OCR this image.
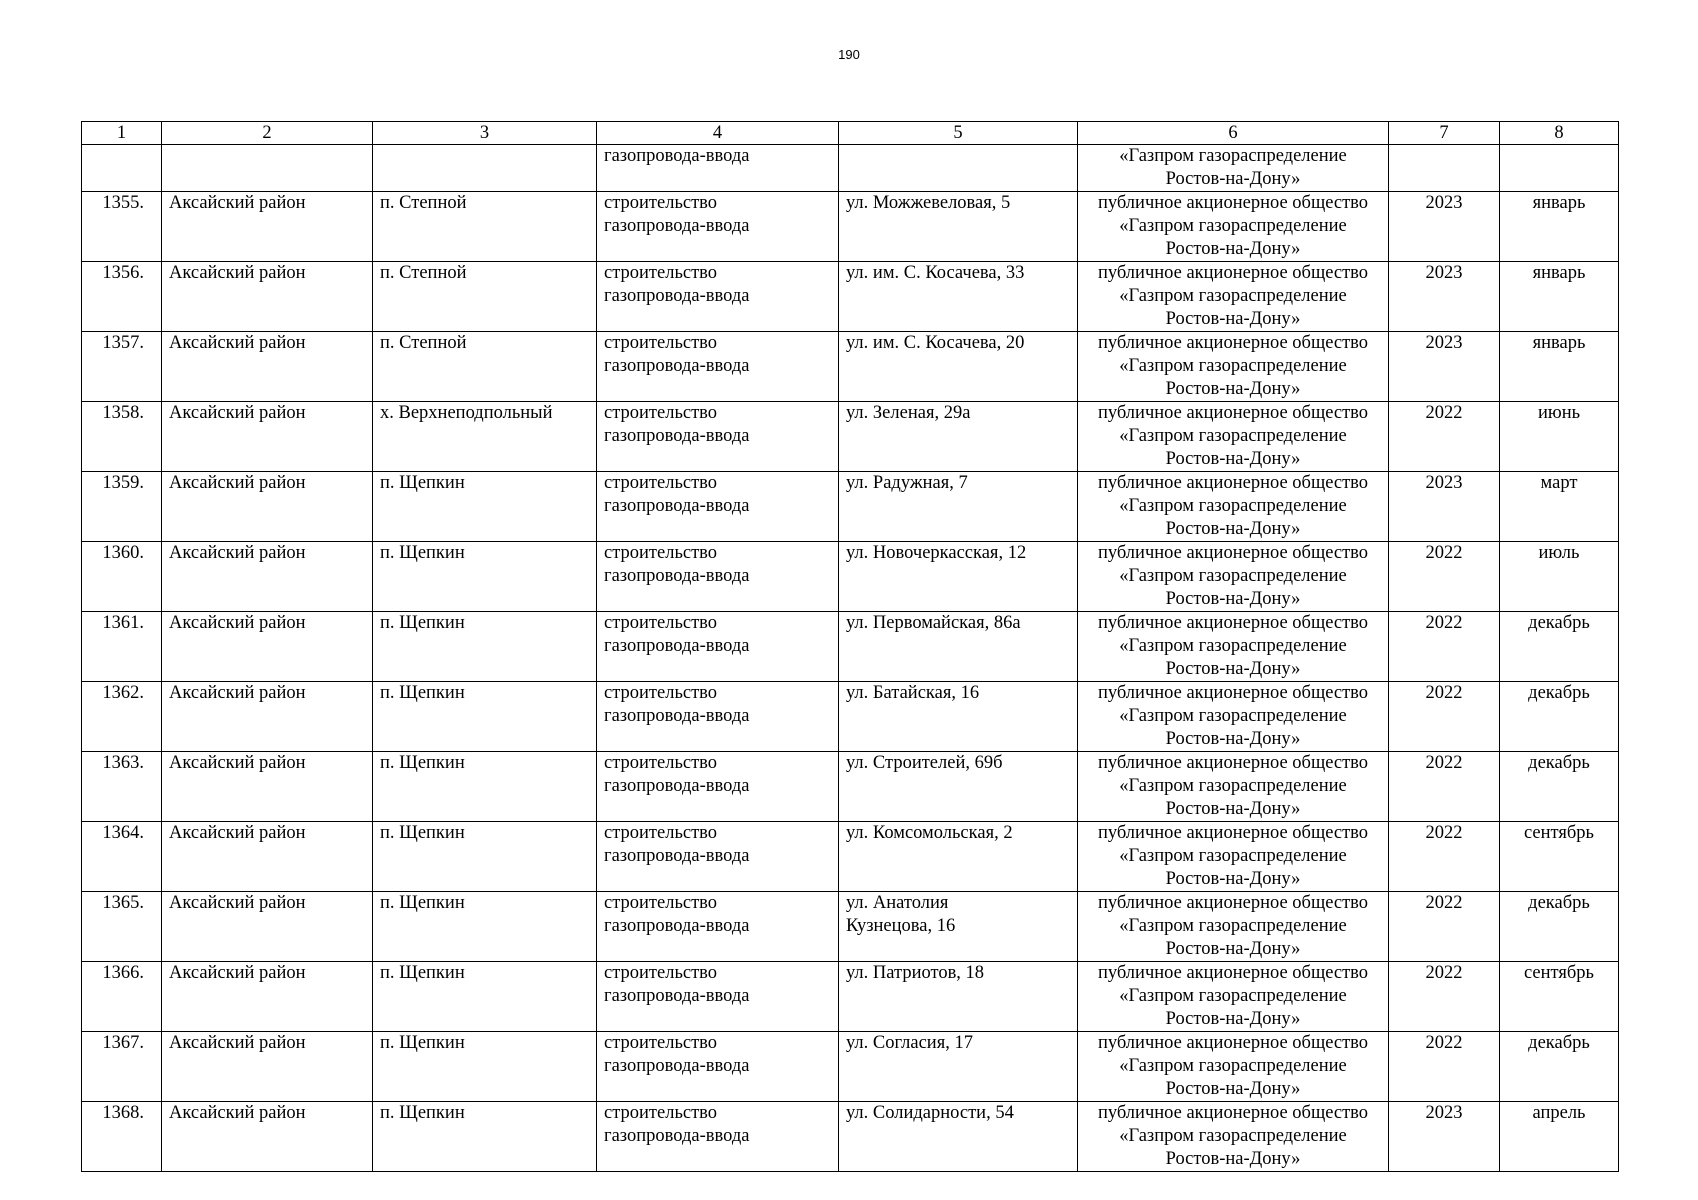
190
1	2	3	4	5	6	7	8

			газопровода-ввода		«Газпром газораспределение
Ростов-на-Дону»		

1355.	Аксайский район	п. Степной	строительство
газопровода-ввода	ул. Можжевеловая, 5	публичное акционерное общество
«Газпром газораспределение
Ростов-на-Дону»	2023	январь
1356.	Аксайский район	п. Степной	строительство
газопровода-ввода	ул. им. С. Косачева, 33	публичное акционерное общество
«Газпром газораспределение
Ростов-на-Дону»	2023	январь
1357.	Аксайский район	п. Степной	строительство
газопровода-ввода	ул. им. С. Косачева, 20	публичное акционерное общество
«Газпром газораспределение
Ростов-на-Дону»	2023	январь
1358.	Аксайский район	х. Верхнеподпольный	строительство
газопровода-ввода	ул. Зеленая, 29а	публичное акционерное общество
«Газпром газораспределение
Ростов-на-Дону»	2022	июнь
1359.	Аксайский район	п. Щепкин	строительство
газопровода-ввода	ул. Радужная, 7	публичное акционерное общество
«Газпром газораспределение
Ростов-на-Дону»	2023	март
1360.	Аксайский район	п. Щепкин	строительство
газопровода-ввода	ул. Новочеркасская, 12	публичное акционерное общество
«Газпром газораспределение
Ростов-на-Дону»	2022	июль
1361.	Аксайский район	п. Щепкин	строительство
газопровода-ввода	ул. Первомайская, 86а	публичное акционерное общество
«Газпром газораспределение
Ростов-на-Дону»	2022	декабрь
1362.	Аксайский район	п. Щепкин	строительство
газопровода-ввода	ул. Батайская, 16	публичное акционерное общество
«Газпром газораспределение
Ростов-на-Дону»	2022	декабрь
1363.	Аксайский район	п. Щепкин	строительство
газопровода-ввода	ул. Строителей, 69б	публичное акционерное общество
«Газпром газораспределение
Ростов-на-Дону»	2022	декабрь
1364.	Аксайский район	п. Щепкин	строительство
газопровода-ввода	ул. Комсомольская, 2	публичное акционерное общество
«Газпром газораспределение
Ростов-на-Дону»	2022	сентябрь
1365.	Аксайский район	п. Щепкин	строительство
газопровода-ввода	ул. Анатолия
Кузнецова, 16	публичное акционерное общество
«Газпром газораспределение
Ростов-на-Дону»	2022	декабрь
1366.	Аксайский район	п. Щепкин	строительство
газопровода-ввода	ул. Патриотов, 18	публичное акционерное общество
«Газпром газораспределение
Ростов-на-Дону»	2022	сентябрь
1367.	Аксайский район	п. Щепкин	строительство
газопровода-ввода	ул. Согласия, 17	публичное акционерное общество
«Газпром газораспределение
Ростов-на-Дону»	2022	декабрь
1368.	Аксайский район	п. Щепкин	строительство
газопровода-ввода	ул. Солидарности, 54	публичное акционерное общество
«Газпром газораспределение
Ростов-на-Дону»	2023	апрель
